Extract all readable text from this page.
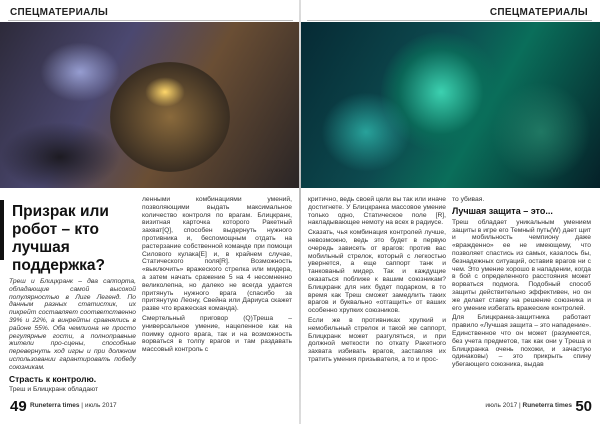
СПЕЦМАТЕРИАЛЫ	СПЕЦМАТЕРИАЛЫ
Призрак или робот – кто лучшая поддержка?

Треш и Блицкранк – два саппорта, обладающие самой высокой популярностью в Лиге Легенд. По данным разных статистик, их пикрейт составляет соответственно 39% и 22%, а винрейты сравнялись в районе 55%. Оба чемпиона не просто регулярные гости, а полноправные жители про-сцены, способные перевернуть ход игры и при должном использовании гарантировать победу союзникам.

Страсть к контролю.

Треш и Блицкранк обладают

ленными комбинациями умений, позволяющими выдать максимальное количество контроля по врагам. Блицкранк, визитная карточка которого Ракетный захват[Q], способен выдернуть нужного противника и, беспомощным отдать на растерзание собственной команде при помощи Силового кулака[E] и, в крайнем случае, Статического поля[R]. Возможность «выключить» вражеского стрелка или мидера, а затем начать сражение 5 на 4 несомненно великолепна, но далеко не всегда удается притянуть нужного врага (спасибо за притянутую Леону, Свейна или Дариуса скажет разве что вражеская команда).

Смертельный приговор (Q)Треша – универсальное умение, нацеленное как на поимку одного врага, так и на возможность ворваться в толпу врагов и там раздавать массовый контроль с

49 Runeterra times | июль 2017

критично, ведь своей цели вы так или иначе достигнете. У Блицкранка массовое умение только одно, Статическое поле [R], накладывающее немоту на всех в радиусе.

Сказать, чья комбинация контролей лучше, невозможно, ведь это будет в первую очередь зависеть от врагов: против вас мобильный стрелок, который с легкостью увернется, а еще саппорт танк и танкованый мидер. Так и каждущие оказаться поближе к вашим союзникам? Блицкранк для них будет подарком, в то время как Треш сможет замедлить таких врагов и буквально «отгащить» от ваших особенно хрупких союзников.

Если же в противниках хрупкий и немобильный стрелок и такой же саппорт, Блицкранк может разгуляться, и при должной меткости по откату Ракетного захвата избивать врагов, заставляя их тратить умения призывателя, а то и прос-

то убивая.

Лучшая защита – это...

Треш обладает уникальным умением защиты в игре его Темный путь(W) дает щит и мобильность чемпиону даже «вражденно» ее не имеющему, что позволяет спастись из самых, казалось бы, безнадежных ситуаций, оставив врагов ни с чем. Это умение хорошо в нападении, когда в бой с определенного расстояния может ворваться подмога. Подобный способ защиты действительно эффективен, но он же делает ставку на решение союзника и его умение избегать вражеские контролей.

Для Блицкранка-защитника работает правило «Лучшая защита – это нападение». Единственное что он может (разумеется, без учета предметов, так как они у Треша и Блицкранка очень похожи, и зачастую одинаковы) – это прикрыть спину убегающего союзника, выдав

июль 2017 | Runeterra times 50
